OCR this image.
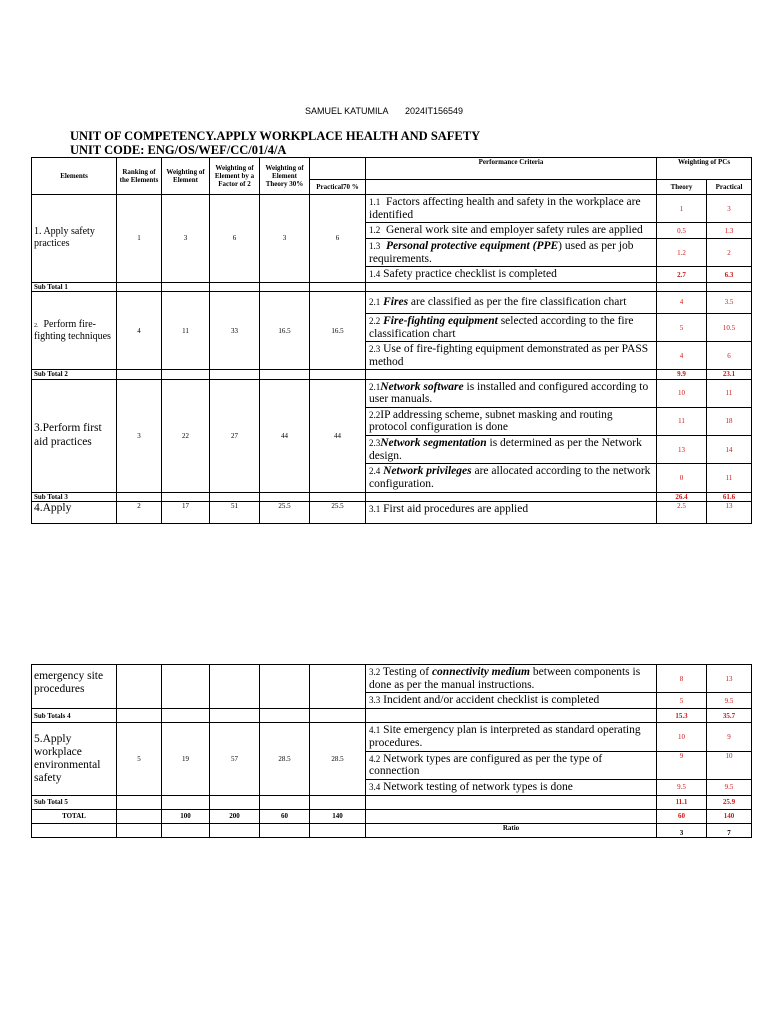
SAMUEL KATUMILA 2024IT156549
UNIT OF COMPETENCY.APPLY WORKPLACE HEALTH AND SAFETY
UNIT CODE: ENG/OS/WEF/CC/01/4/A
Elements	Ranking of the Elements	Weighting of Element	Weighting of Element by a Factor of 2	Weighting of Element Theory 30%		Performance Criteria	Weighting of PCs	
					Practical70 %		Theory	Practical
1. Apply safety practices	1	3	6	3	6	1.1 Factors affecting health and safety in the workplace are identified	1	3
						1.2 General work site and employer safety rules are applied	0.5	1.3
						1.3 Personal protective equipment (PPE) used as per job requirements.	1.2	2
						1.4 Safety practice checklist is completed	2.7	6.3
Sub Total 1								
2. Perform fire-fighting techniques	4	11	33	16.5	16.5	2.1 Fires are classified as per the fire classification chart	4	3.5
						2.2 Fire-fighting equipment selected according to the fire classification chart	5	10.5
						2.3 Use of fire-fighting equipment demonstrated as per PASS method	4	6
Sub Total 2							9.9	23.1
3.Perform first aid practices	3	22	27	44	44	2.1Network software is installed and configured according to user manuals.	10	11
						2.2IP addressing scheme, subnet masking and routing protocol configuration is done	11	18
						2.3Network segmentation is determined as per the Network design.	13	14
						2.4 Network privileges are allocated according to the network configuration.	0	11
Sub Total 3							26.4	61.6
4.Apply	2	17	51	25.5	25.5	3.1 First aid procedures are applied	2.5	13
emergency site procedures						3.2 Testing of connectivity medium between components is done as per the manual instructions.	8	13
						3.3 Incident and/or accident checklist is completed	5	9.5
Sub Totals 4							15.3	35.7
5.Apply workplace environmental safety	5	19	57	28.5	28.5	4.1 Site emergency plan is interpreted as standard operating procedures.	10	9
						4.2 Network types are configured as per the type of connection	9	10
						3.4 Network testing of network types is done	9.5	9.5
Sub Total 5							11.1	25.9
TOTAL		100	200	60	140		60	140
						Ratio	3	7
